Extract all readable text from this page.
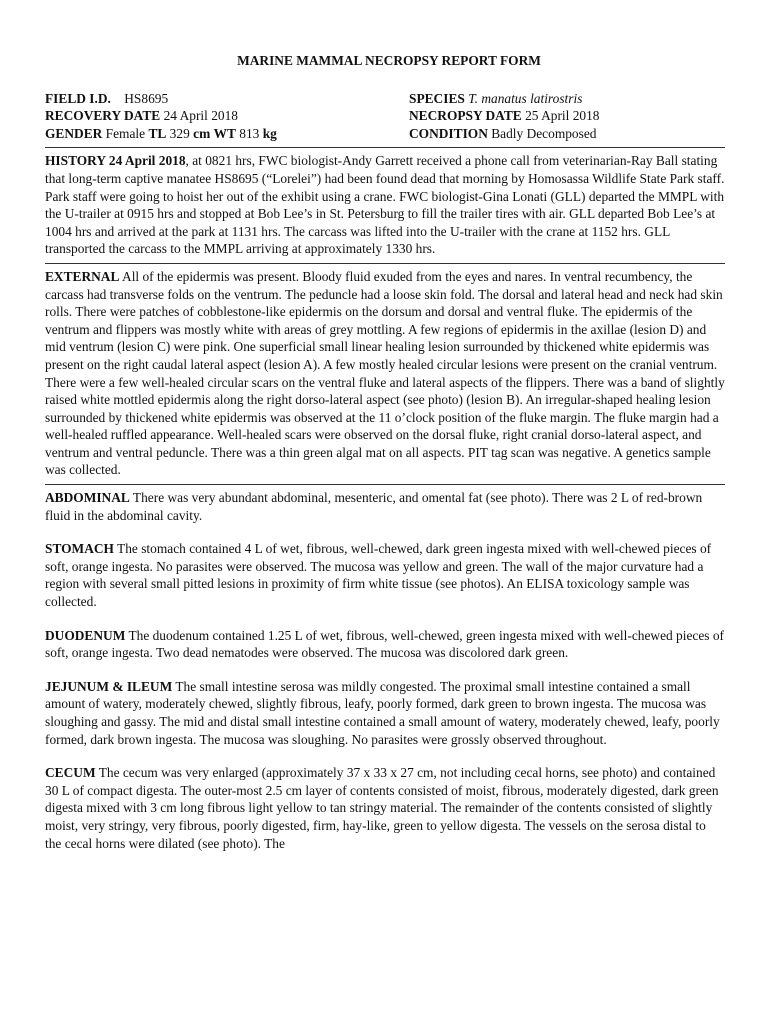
MARINE MAMMAL NECROPSY REPORT FORM
FIELD I.D. HS8695
RECOVERY DATE 24 April 2018
GENDER Female TL 329 cm WT 813 kg
SPECIES T. manatus latirostris
NECROPSY DATE 25 April 2018
CONDITION Badly Decomposed

HISTORY 24 April 2018, at 0821 hrs, FWC biologist-Andy Garrett received a phone call from veterinarian-Ray Ball stating that long-term captive manatee HS8695 (“Lorelei”) had been found dead that morning by Homosassa Wildlife State Park staff. Park staff were going to hoist her out of the exhibit using a crane. FWC biologist-Gina Lonati (GLL) departed the MMPL with the U-trailer at 0915 hrs and stopped at Bob Lee’s in St. Petersburg to fill the trailer tires with air. GLL departed Bob Lee’s at 1004 hrs and arrived at the park at 1131 hrs. The carcass was lifted into the U-trailer with the crane at 1152 hrs. GLL transported the carcass to the MMPL arriving at approximately 1330 hrs.

EXTERNAL All of the epidermis was present. Bloody fluid exuded from the eyes and nares. In ventral recumbency, the carcass had transverse folds on the ventrum. The peduncle had a loose skin fold. The dorsal and lateral head and neck had skin rolls. There were patches of cobblestone-like epidermis on the dorsum and dorsal and ventral fluke. The epidermis of the ventrum and flippers was mostly white with areas of grey mottling. A few regions of epidermis in the axillae (lesion D) and mid ventrum (lesion C) were pink. One superficial small linear healing lesion surrounded by thickened white epidermis was present on the right caudal lateral aspect (lesion A). A few mostly healed circular lesions were present on the cranial ventrum. There were a few well-healed circular scars on the ventral fluke and lateral aspects of the flippers. There was a band of slightly raised white mottled epidermis along the right dorso-lateral aspect (see photo) (lesion B). An irregular-shaped healing lesion surrounded by thickened white epidermis was observed at the 11 o’clock position of the fluke margin. The fluke margin had a well-healed ruffled appearance. Well-healed scars were observed on the dorsal fluke, right cranial dorso-lateral aspect, and ventrum and ventral peduncle. There was a thin green algal mat on all aspects. PIT tag scan was negative. A genetics sample was collected.

ABDOMINAL There was very abundant abdominal, mesenteric, and omental fat (see photo). There was 2 L of red-brown fluid in the abdominal cavity.

STOMACH The stomach contained 4 L of wet, fibrous, well-chewed, dark green ingesta mixed with well-chewed pieces of soft, orange ingesta. No parasites were observed. The mucosa was yellow and green. The wall of the major curvature had a region with several small pitted lesions in proximity of firm white tissue (see photos). An ELISA toxicology sample was collected.

DUODENUM The duodenum contained 1.25 L of wet, fibrous, well-chewed, green ingesta mixed with well-chewed pieces of soft, orange ingesta. Two dead nematodes were observed. The mucosa was discolored dark green.

JEJUNUM & ILEUM The small intestine serosa was mildly congested. The proximal small intestine contained a small amount of watery, moderately chewed, slightly fibrous, leafy, poorly formed, dark green to brown ingesta. The mucosa was sloughing and gassy. The mid and distal small intestine contained a small amount of watery, moderately chewed, leafy, poorly formed, dark brown ingesta. The mucosa was sloughing. No parasites were grossly observed throughout.

CECUM The cecum was very enlarged (approximately 37 x 33 x 27 cm, not including cecal horns, see photo) and contained 30 L of compact digesta. The outer-most 2.5 cm layer of contents consisted of moist, fibrous, moderately digested, dark green digesta mixed with 3 cm long fibrous light yellow to tan stringy material. The remainder of the contents consisted of slightly moist, very stringy, very fibrous, poorly digested, firm, hay-like, green to yellow digesta. The vessels on the serosa distal to the cecal horns were dilated (see photo). The
